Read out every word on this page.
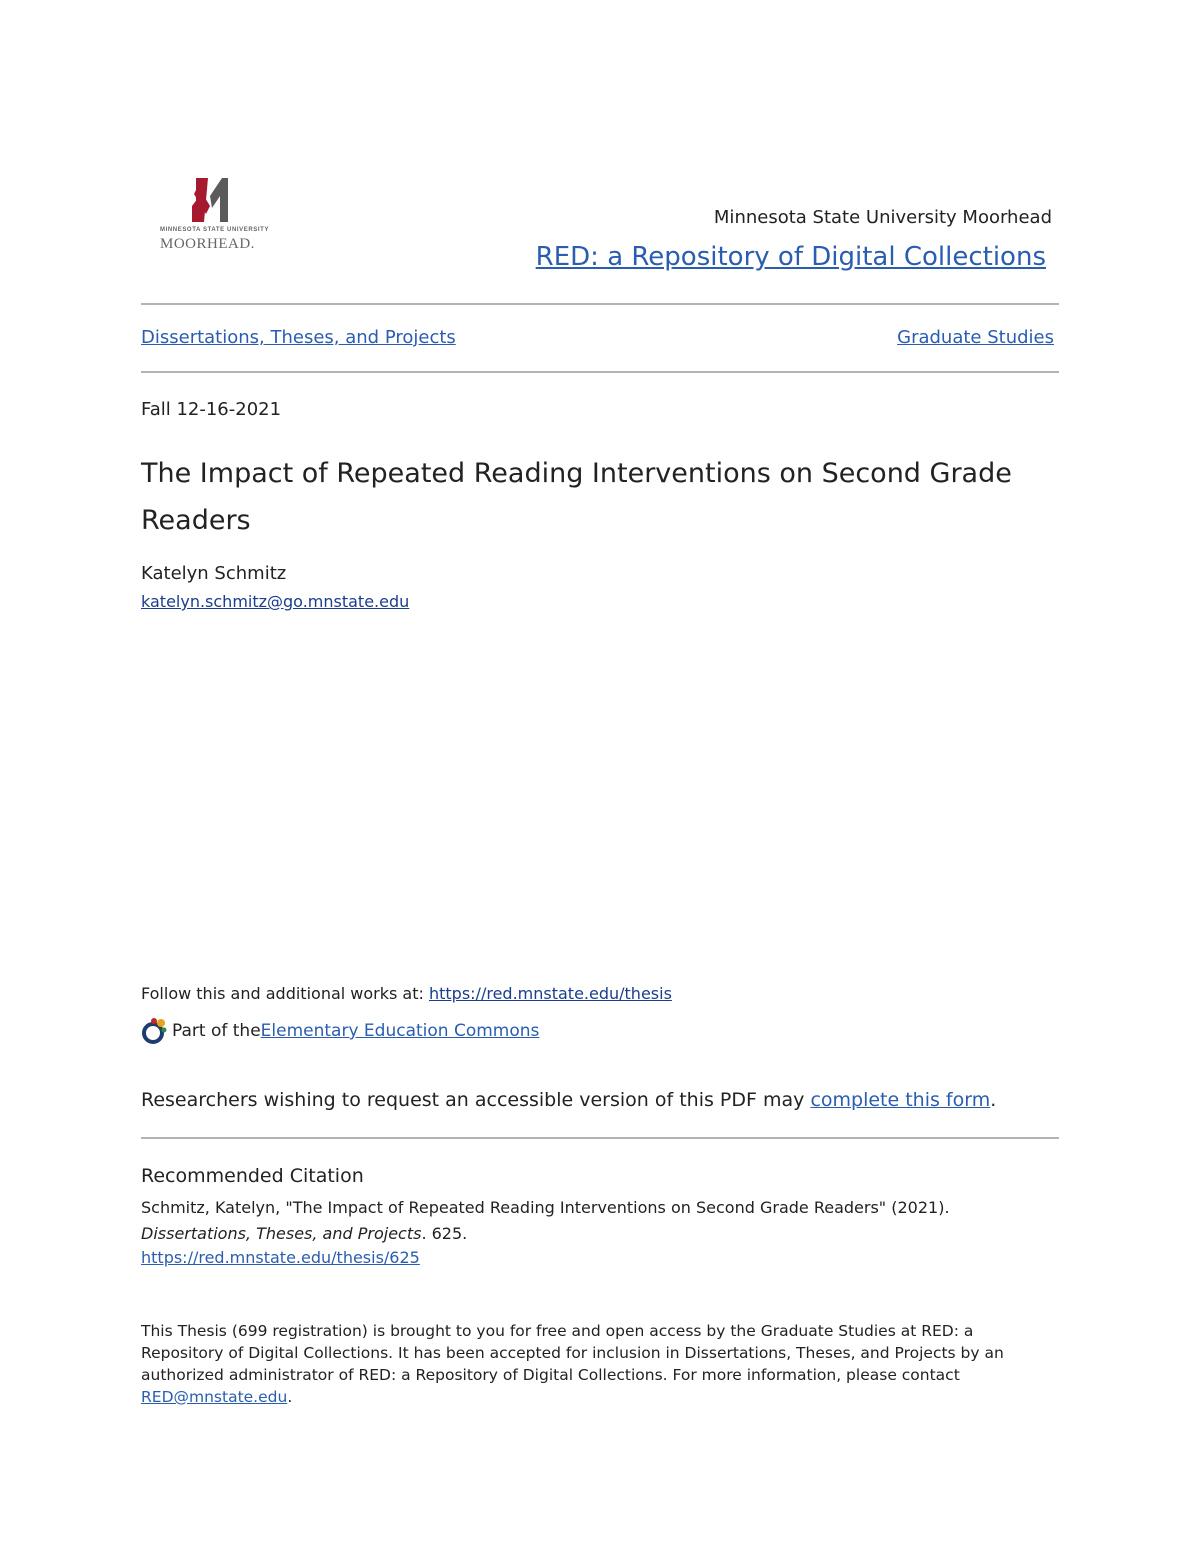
MINNESOTA STATE UNIVERSITY
MOORHEAD.
Minnesota State University Moorhead
RED: a Repository of Digital Collections
Dissertations, Theses, and Projects	Graduate Studies
Fall 12-16-2021
The Impact of Repeated Reading Interventions on Second Grade Readers
Katelyn Schmitz
katelyn.schmitz@go.mnstate.edu
Follow this and additional works at: https://red.mnstate.edu/thesis
Part of the Elementary Education Commons
Researchers wishing to request an accessible version of this PDF may complete this form.
Recommended Citation
Schmitz, Katelyn, "The Impact of Repeated Reading Interventions on Second Grade Readers" (2021).
Dissertations, Theses, and Projects. 625.
https://red.mnstate.edu/thesis/625
This Thesis (699 registration) is brought to you for free and open access by the Graduate Studies at RED: a Repository of Digital Collections. It has been accepted for inclusion in Dissertations, Theses, and Projects by an authorized administrator of RED: a Repository of Digital Collections. For more information, please contact RED@mnstate.edu.
